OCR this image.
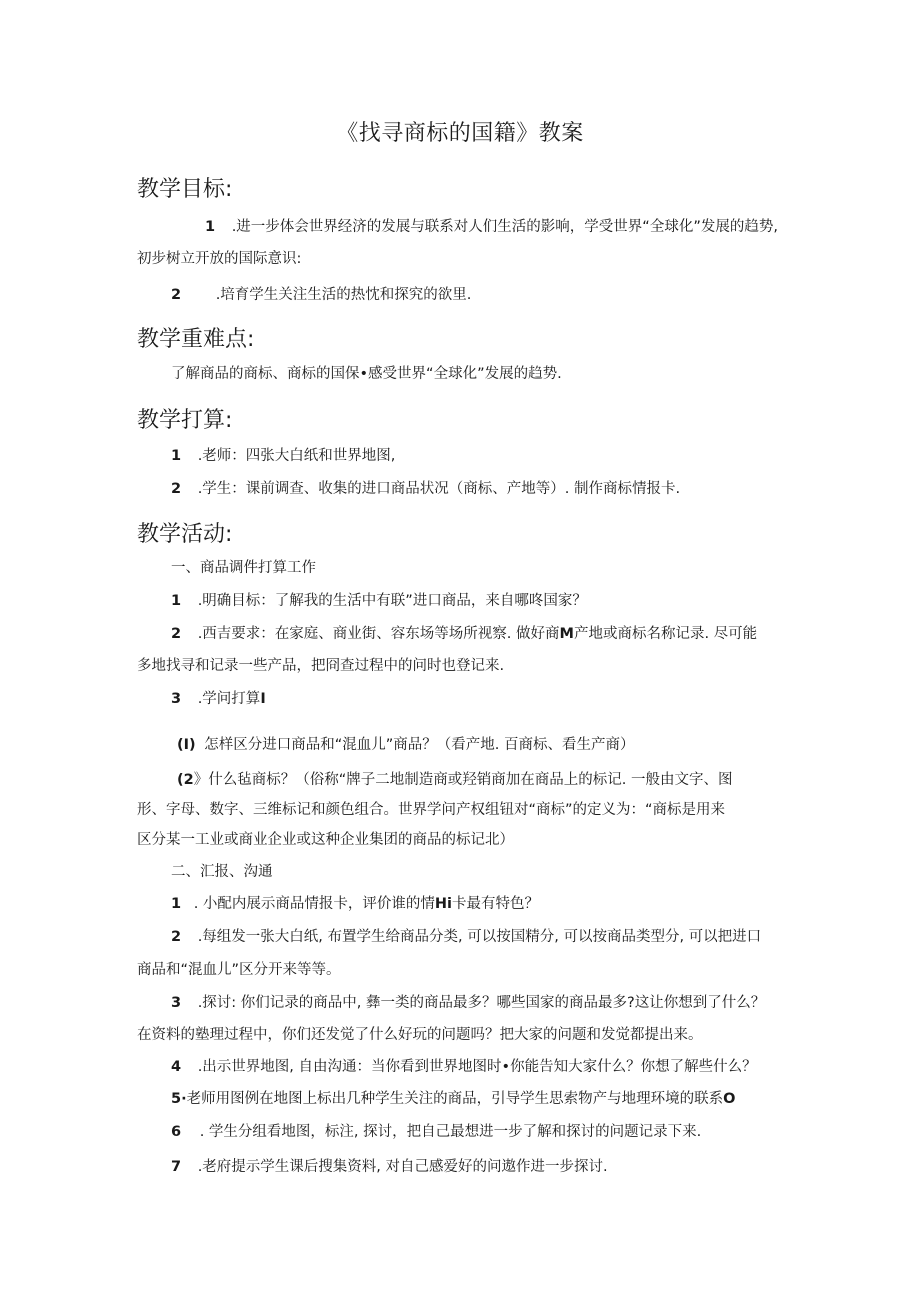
《找寻商标的国籍》教案
教学目标:
1 .进一步体会世界经济的发展与联系对人们生活的影响，学受世界“全球化”发展的趋势,
初步树立开放的国际意识:
2 .培育学生关注生活的热忱和探究的欲里.
教学重难点:
了解商品的商标、商标的国保•感受世界“全球化”发展的趋势.
教学打算:
1 .老师：四张大白纸和世界地图,
2 .学生：课前调查、收集的进口商品状况（商标、产地等）. 制作商标情报卡.
教学活动:
一、商品调件打算工作
1 .明确目标：了解我的生活中有联”进口商品，来自哪咚国家？
2 .西吉要求：在家庭、商业街、容东场等场所视察. 做好商M产地或商标名称记录. 尽可能
多地找寻和记录一些产品，把冏查过程中的问时也登记来.
3 .学问打算I
(I) 怎样区分进口商品和“混血儿”商品？（看产地. 百商标、看生产商）
(2》什么毡商标？（俗称“牌子二地制造商或羟销商加在商品上的标记. 一般由文字、图
形、字母、数字、三维标记和颜色组合。世界学问产权组钮对“商标”的定义为：“商标是用来
区分某一工业或商业企业或这种企业集团的商品的标记北）
二、汇报、沟通
1 . 小配内展示商品情报卡，评价谁的情Hi卡最有特色？
2 .每组发一张大白纸, 布置学生给商品分类, 可以按国精分, 可以按商品类型分, 可以把进口
商品和“混血儿”区分开来等等。
3 .探讨: 你们记录的商品中, 彝一类的商品最多？哪些国家的商品最多?这让你想到了什么？
在资料的塾理过程中，你们还发觉了什么好玩的问题吗？把大家的问题和发觉都提出来。
4 .出示世界地图, 自由沟通：当你看到世界地图时•你能告知大家什么？你想了解些什么？
5·老师用图例在地图上标出几种学生关注的商品，引导学生思索物产与地理环境的联系O
6 . 学生分组看地图，标注, 探讨，把自己最想进一步了解和探讨的问题记录下来.
7 .老府提示学生课后搜集资料, 对自己感爱好的问遨作进一步探讨.
